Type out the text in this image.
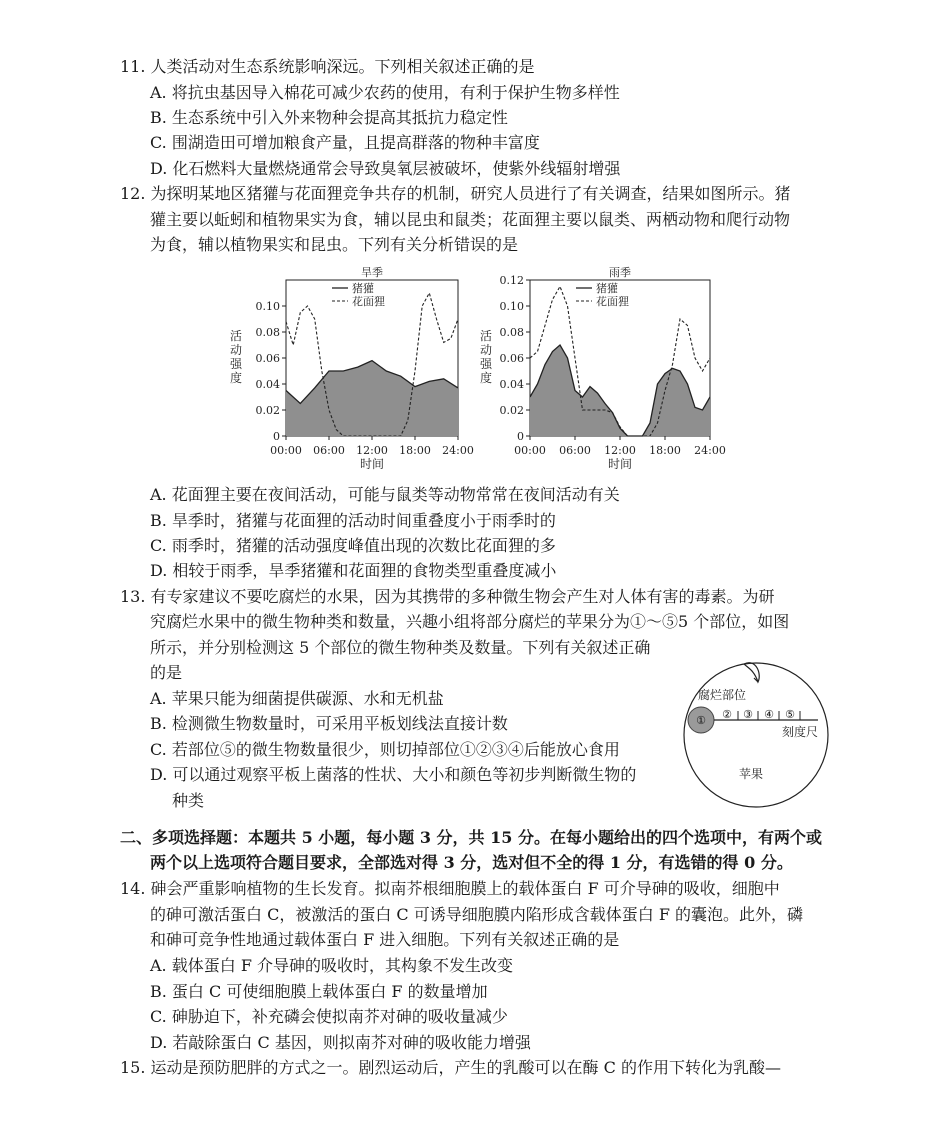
11. 人类活动对生态系统影响深远。下列相关叙述正确的是
A. 将抗虫基因导入棉花可减少农药的使用，有利于保护生物多样性
B. 生态系统中引入外来物种会提高其抵抗力稳定性
C. 围湖造田可增加粮食产量，且提高群落的物种丰富度
D. 化石燃料大量燃烧通常会导致臭氧层被破坏，使紫外线辐射增强
12. 为探明某地区猪獾与花面狸竞争共存的机制，研究人员进行了有关调查，结果如图所示。猪
獾主要以蚯蚓和植物果实为食，辅以昆虫和鼠类；花面狸主要以鼠类、两栖动物和爬行动物
为食，辅以植物果实和昆虫。下列有关分析错误的是
旱季
0
0.02
0.04
0.06
0.08
0.10
00:00 06:00 12:00 18:00 24:00
时间
活动强度
猪獾
花面狸
雨季
0
0.02
0.04
0.06
0.08
0.10
0.12
00:00 06:00 12:00 18:00 24:00
时间
活动强度
猪獾
花面狸
A. 花面狸主要在夜间活动，可能与鼠类等动物常常在夜间活动有关
B. 旱季时，猪獾与花面狸的活动时间重叠度小于雨季时的
C. 雨季时，猪獾的活动强度峰值出现的次数比花面狸的多
D. 相较于雨季，旱季猪獾和花面狸的食物类型重叠度减小
13. 有专家建议不要吃腐烂的水果，因为其携带的多种微生物会产生对人体有害的毒素。为研
究腐烂水果中的微生物种类和数量，兴趣小组将部分腐烂的苹果分为①～⑤5 个部位，如图
所示，并分别检测这 5 个部位的微生物种类及数量。下列有关叙述正确
的是
A. 苹果只能为细菌提供碳源、水和无机盐
B. 检测微生物数量时，可采用平板划线法直接计数
C. 若部位⑤的微生物数量很少，则切掉部位①②③④后能放心食用
D. 可以通过观察平板上菌落的性状、大小和颜色等初步判断微生物的
种类
腐烂部位
① ② ③ ④ ⑤
刻度尺
苹果
二、多项选择题：本题共 5 小题，每小题 3 分，共 15 分。在每小题给出的四个选项中，有两个或
两个以上选项符合题目要求，全部选对得 3 分，选对但不全的得 1 分，有选错的得 0 分。
14. 砷会严重影响植物的生长发育。拟南芥根细胞膜上的载体蛋白 F 可介导砷的吸收，细胞中
的砷可激活蛋白 C，被激活的蛋白 C 可诱导细胞膜内陷形成含载体蛋白 F 的囊泡。此外，磷
和砷可竞争性地通过载体蛋白 F 进入细胞。下列有关叙述正确的是
A. 载体蛋白 F 介导砷的吸收时，其构象不发生改变
B. 蛋白 C 可使细胞膜上载体蛋白 F 的数量增加
C. 砷胁迫下，补充磷会使拟南芥对砷的吸收量减少
D. 若敲除蛋白 C 基因，则拟南芥对砷的吸收能力增强
15. 运动是预防肥胖的方式之一。剧烈运动后，产生的乳酸可以在酶 C 的作用下转化为乳酸—
